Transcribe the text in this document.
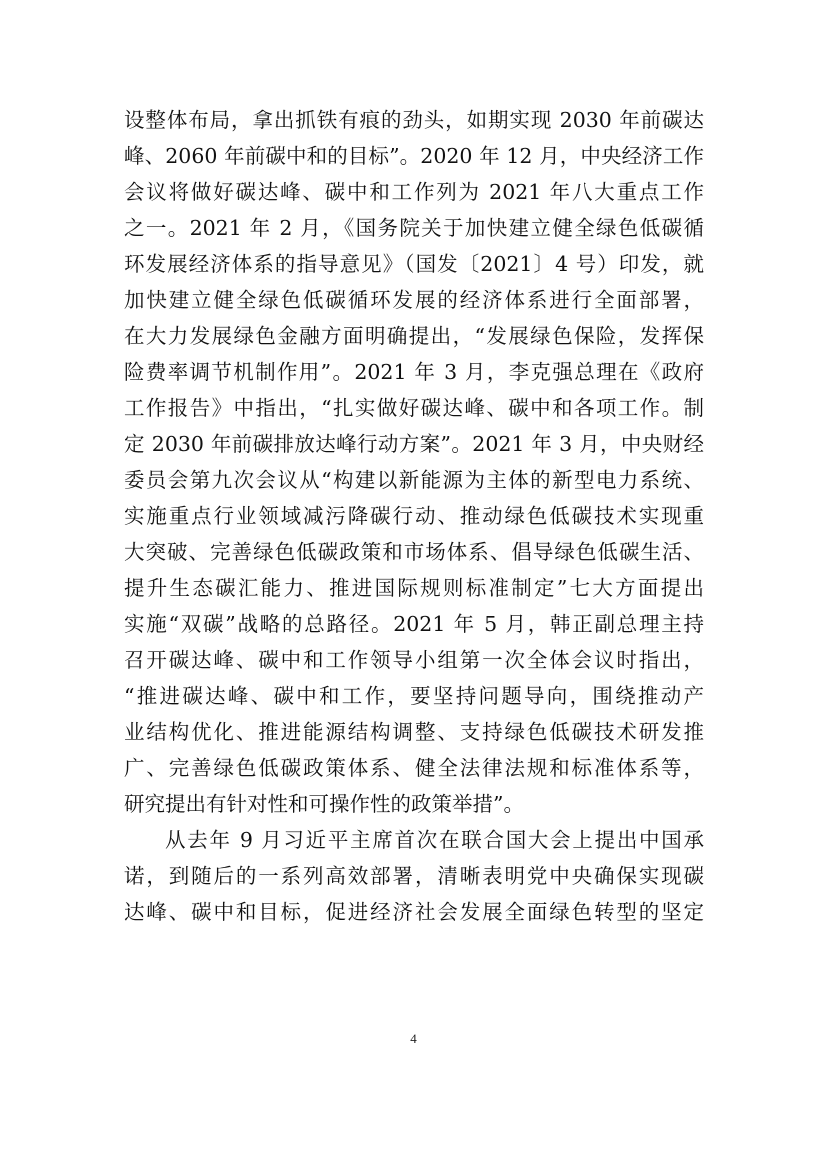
设整体布局，拿出抓铁有痕的劲头，如期实现 2030 年前碳达
峰、2060 年前碳中和的目标”。2020 年 12 月，中央经济工作
会议将做好碳达峰、碳中和工作列为 2021 年八大重点工作
之一。2021 年 2 月，《国务院关于加快建立健全绿色低碳循
环发展经济体系的指导意见》（国发〔2021〕4 号）印发，就
加快建立健全绿色低碳循环发展的经济体系进行全面部署，
在大力发展绿色金融方面明确提出，“发展绿色保险，发挥保
险费率调节机制作用”。2021 年 3 月，李克强总理在《政府
工作报告》中指出，“扎实做好碳达峰、碳中和各项工作。制
定 2030 年前碳排放达峰行动方案”。2021 年 3 月，中央财经
委员会第九次会议从“构建以新能源为主体的新型电力系统、
实施重点行业领域减污降碳行动、推动绿色低碳技术实现重
大突破、完善绿色低碳政策和市场体系、倡导绿色低碳生活、
提升生态碳汇能力、推进国际规则标准制定”七大方面提出
实施“双碳”战略的总路径。2021 年 5 月，韩正副总理主持
召开碳达峰、碳中和工作领导小组第一次全体会议时指出，
“推进碳达峰、碳中和工作，要坚持问题导向，围绕推动产
业结构优化、推进能源结构调整、支持绿色低碳技术研发推
广、完善绿色低碳政策体系、健全法律法规和标准体系等，
研究提出有针对性和可操作性的政策举措”。
从去年 9 月习近平主席首次在联合国大会上提出中国承
诺，到随后的一系列高效部署，清晰表明党中央确保实现碳
达峰、碳中和目标，促进经济社会发展全面绿色转型的坚定
4
